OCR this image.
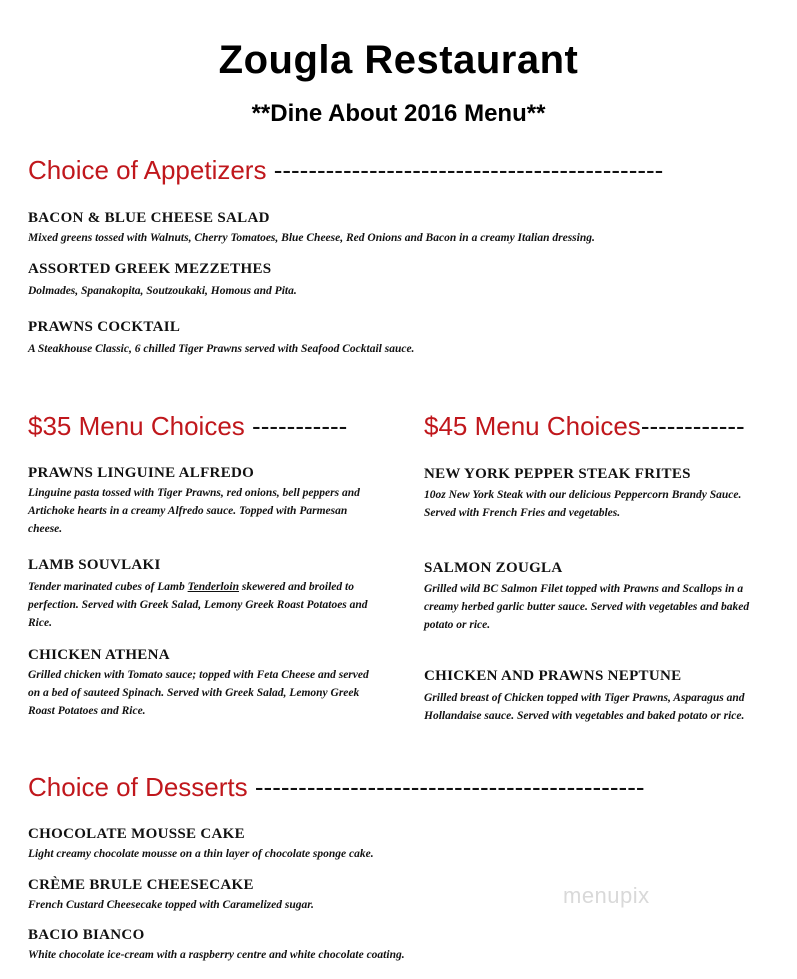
Zougla Restaurant
**Dine About 2016 Menu**
Choice of Appetizers ---------------------------------------------
BACON & BLUE CHEESE SALAD
Mixed greens tossed with Walnuts, Cherry Tomatoes, Blue Cheese, Red Onions and Bacon in a creamy Italian dressing.
ASSORTED GREEK MEZZETHES
Dolmades, Spanakopita, Soutzoukaki, Homous and Pita.
PRAWNS COCKTAIL
A Steakhouse Classic, 6 chilled Tiger Prawns served with Seafood Cocktail sauce.
$35 Menu Choices -----------
PRAWNS LINGUINE ALFREDO
Linguine pasta tossed with Tiger Prawns, red onions, bell peppers and Artichoke hearts in a creamy Alfredo sauce. Topped with Parmesan cheese.
LAMB SOUVLAKI
Tender marinated cubes of Lamb Tenderloin skewered and broiled to perfection. Served with Greek Salad, Lemony Greek Roast Potatoes and Rice.
CHICKEN ATHENA
Grilled chicken with Tomato sauce; topped with Feta Cheese and served on a bed of sauteed Spinach. Served with Greek Salad, Lemony Greek Roast Potatoes and Rice.
$45 Menu Choices------------
NEW YORK PEPPER STEAK FRITES
10oz New York Steak with our delicious Peppercorn Brandy Sauce. Served with French Fries and vegetables.
SALMON ZOUGLA
Grilled wild BC Salmon Filet topped with Prawns and Scallops in a creamy herbed garlic butter sauce. Served with vegetables and baked potato or rice.
CHICKEN AND PRAWNS NEPTUNE
Grilled breast of Chicken topped with Tiger Prawns, Asparagus and Hollandaise sauce. Served with vegetables and baked potato or rice.
Choice of Desserts ---------------------------------------------
CHOCOLATE MOUSSE CAKE
Light creamy chocolate mousse on a thin layer of chocolate sponge cake.
CRÈME BRULE CHEESECAKE
French Custard Cheesecake topped with Caramelized sugar.
BACIO BIANCO
White chocolate ice-cream with a raspberry centre and white chocolate coating.
menupix
